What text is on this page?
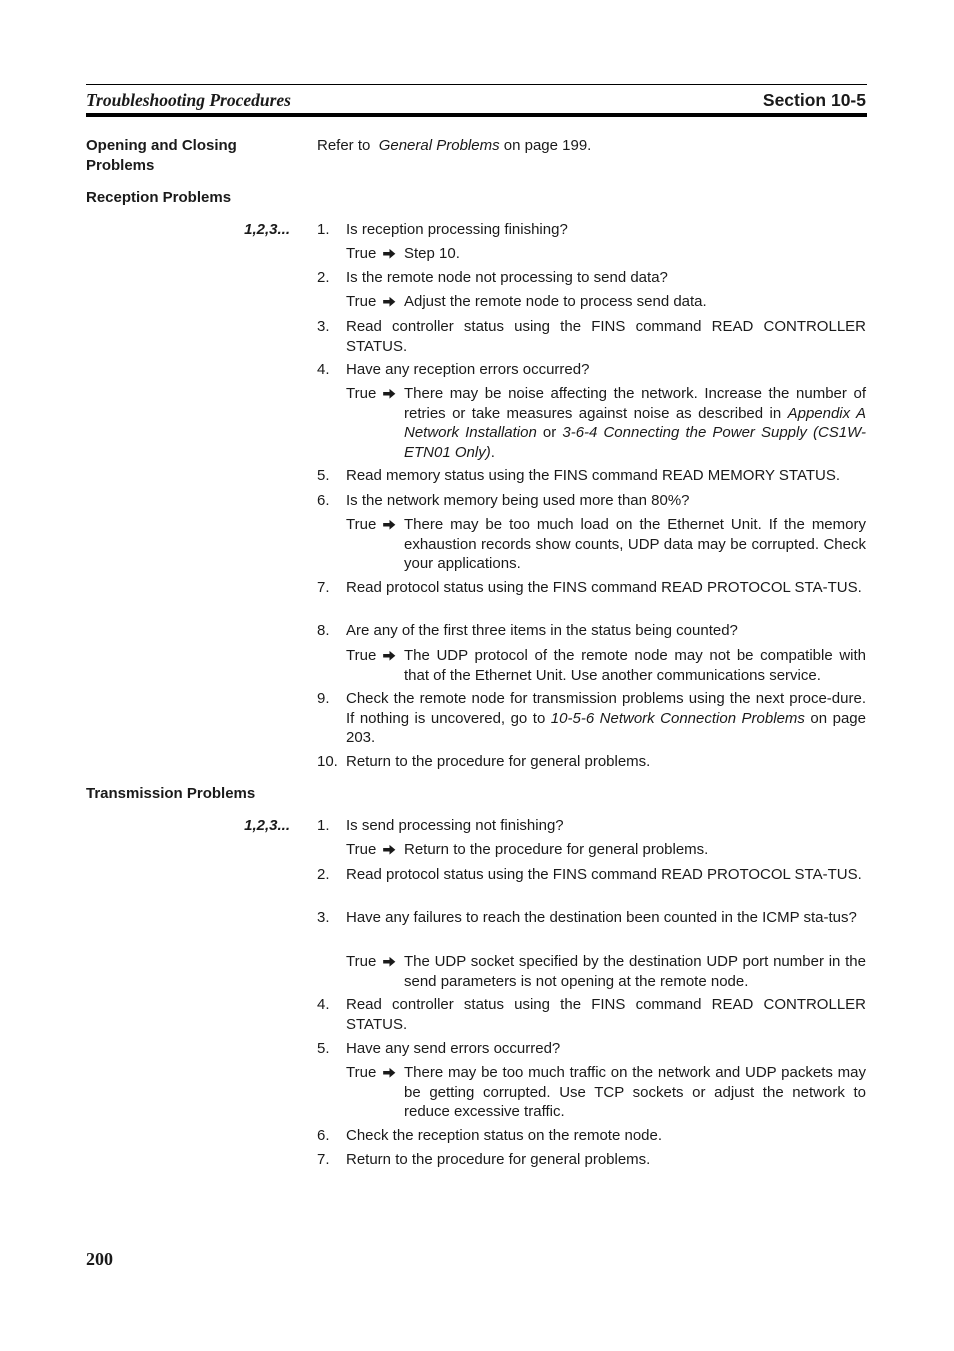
Troubleshooting Procedures	Section 10-5
Opening and Closing Problems
Refer to General Problems on page 199.
Reception Problems
1,2,3... 1. Is reception processing finishing?
True Step 10.
2. Is the remote node not processing to send data?
True Adjust the remote node to process send data.
3. Read controller status using the FINS command READ CONTROLLER STATUS.
4. Have any reception errors occurred?
True There may be noise affecting the network. Increase the number of retries or take measures against noise as described in Appendix A Network Installation or 3-6-4 Connecting the Power Supply (CS1W-ETN01 Only).
5. Read memory status using the FINS command READ MEMORY STATUS.
6. Is the network memory being used more than 80%?
True There may be too much load on the Ethernet Unit. If the memory exhaustion records show counts, UDP data may be corrupted. Check your applications.
7. Read protocol status using the FINS command READ PROTOCOL STA-TUS.
8. Are any of the first three items in the status being counted?
True The UDP protocol of the remote node may not be compatible with that of the Ethernet Unit. Use another communications service.
9. Check the remote node for transmission problems using the next proce-dure. If nothing is uncovered, go to 10-5-6 Network Connection Problems on page 203.
10. Return to the procedure for general problems.
Transmission Problems
1,2,3... 1. Is send processing not finishing?
True Return to the procedure for general problems.
2. Read protocol status using the FINS command READ PROTOCOL STA-TUS.
3. Have any failures to reach the destination been counted in the ICMP sta-tus?
True The UDP socket specified by the destination UDP port number in the send parameters is not opening at the remote node.
4. Read controller status using the FINS command READ CONTROLLER STATUS.
5. Have any send errors occurred?
True There may be too much traffic on the network and UDP packets may be getting corrupted. Use TCP sockets or adjust the network to reduce excessive traffic.
6. Check the reception status on the remote node.
7. Return to the procedure for general problems.
200
